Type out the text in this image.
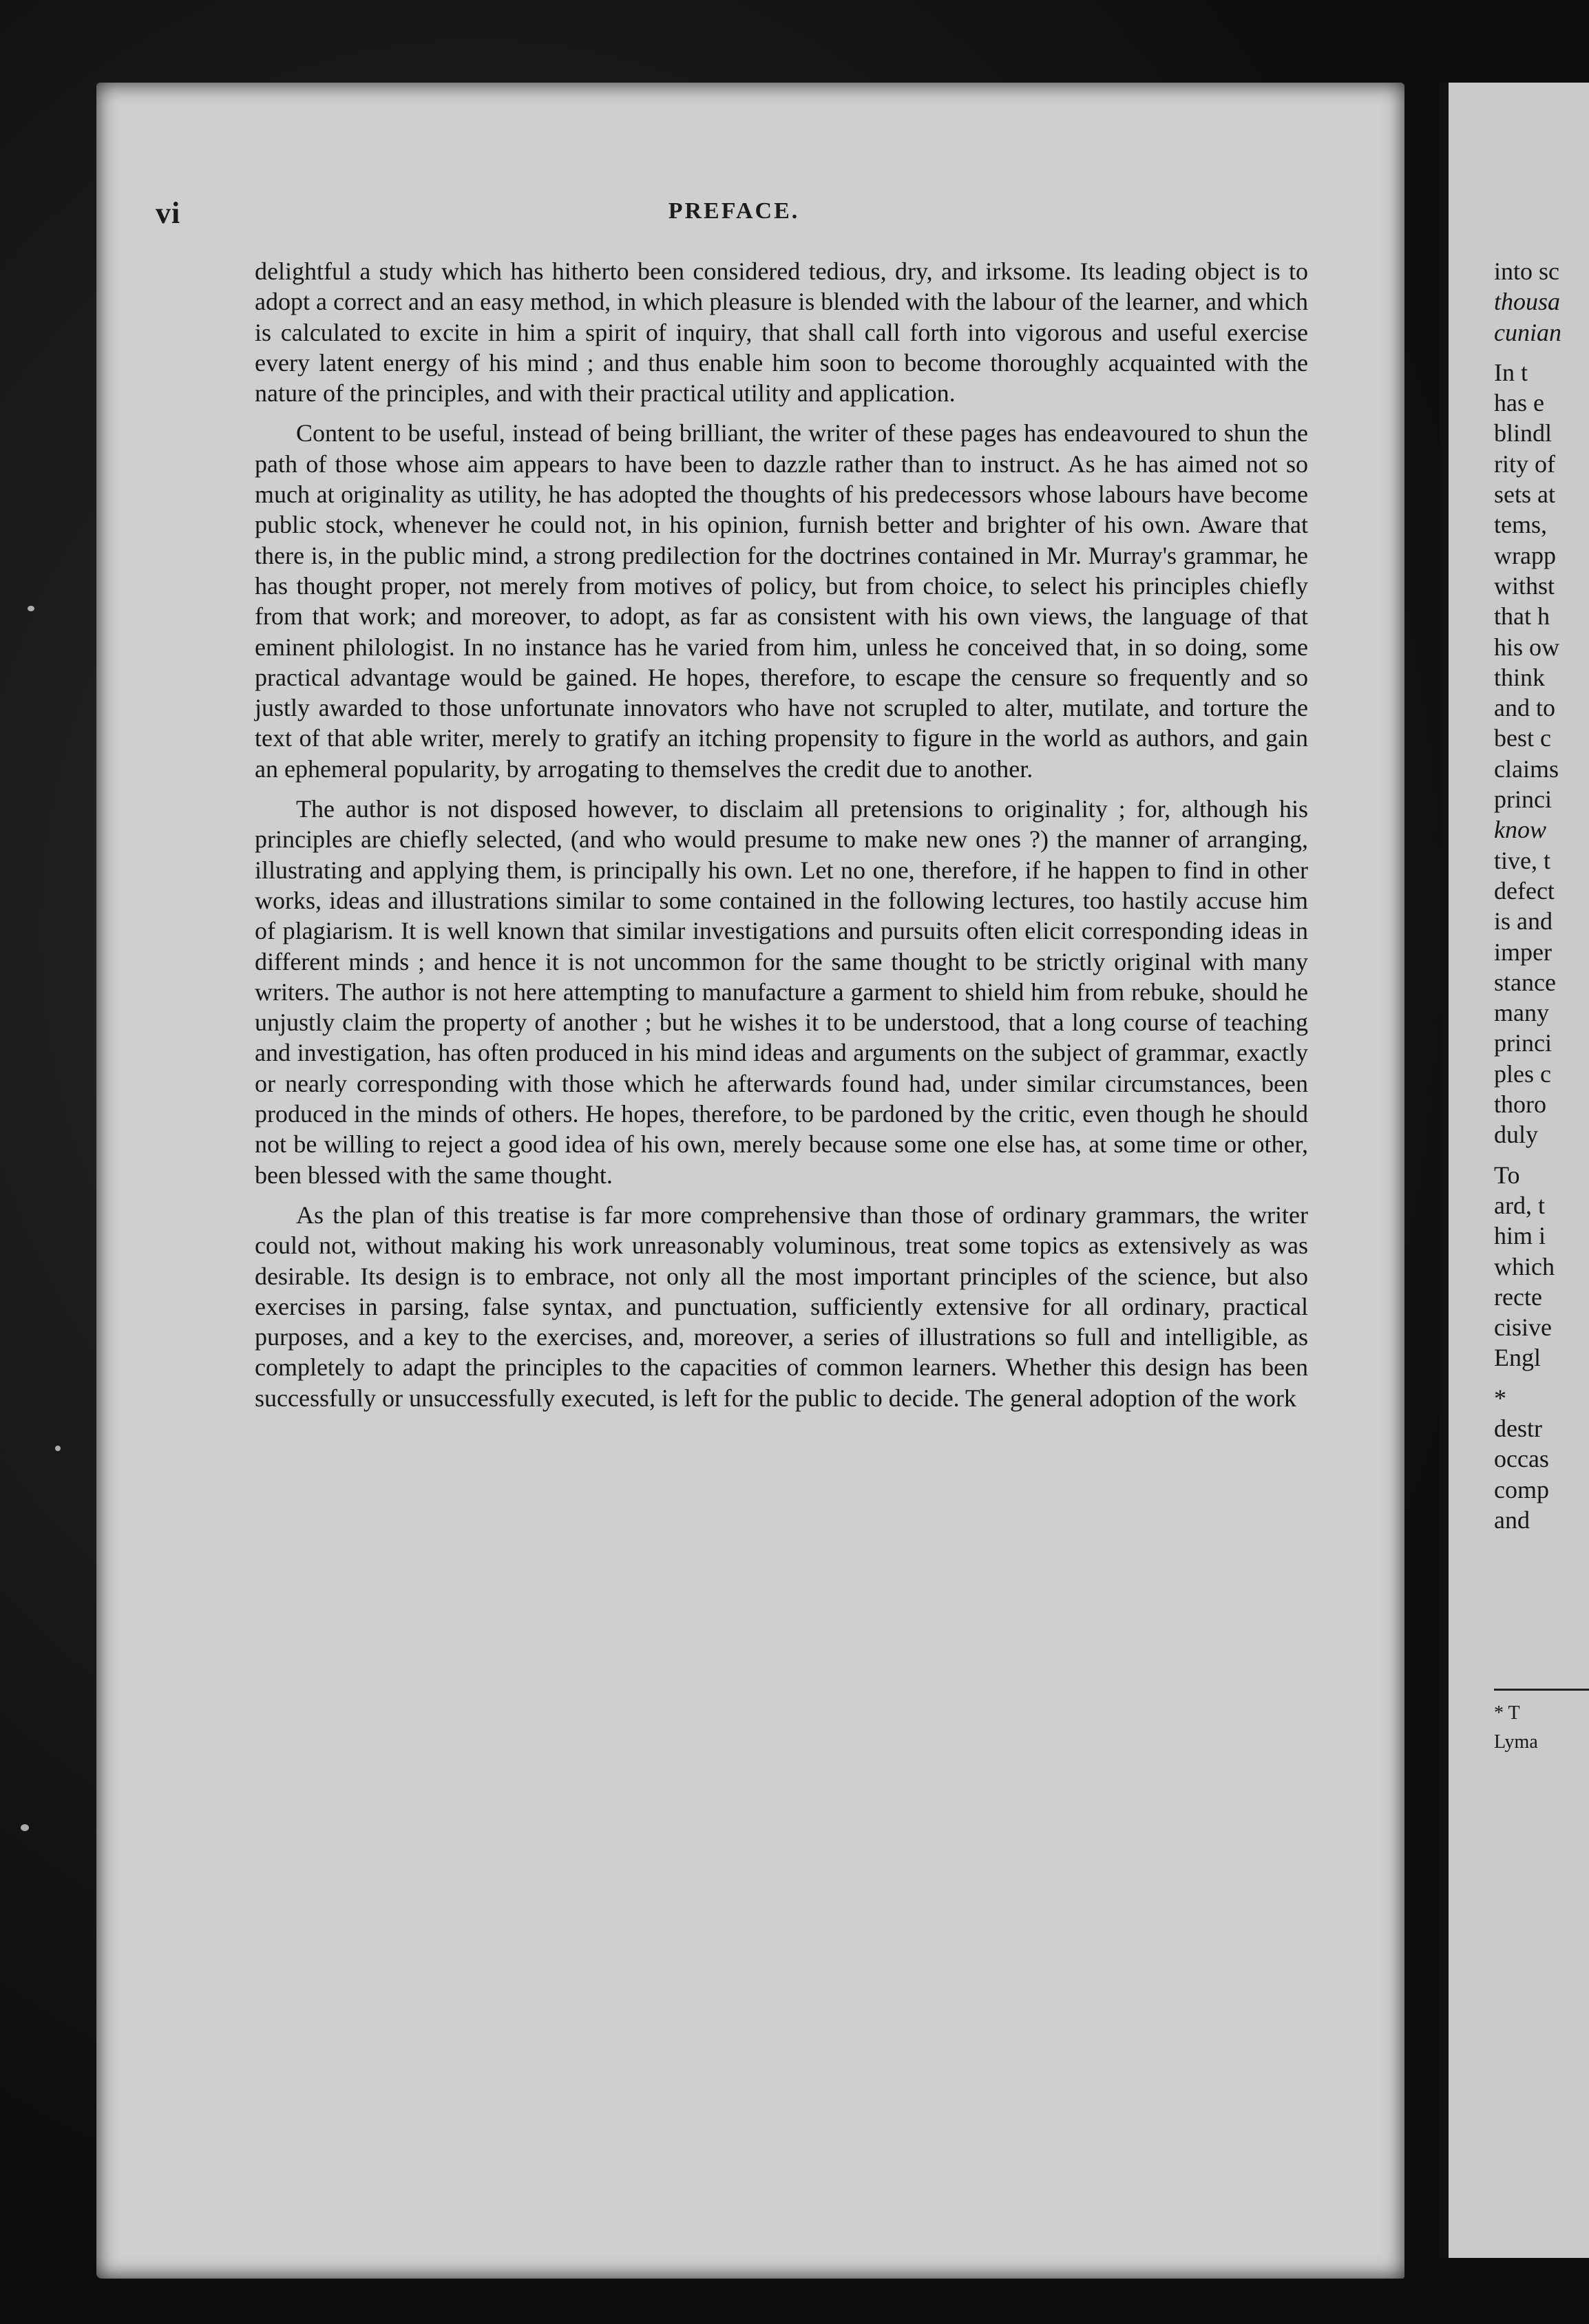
vi	PREFACE.

delightful a study which has hitherto been considered tedious, dry, and irksome. Its leading object is to adopt a correct and an easy method, in which pleasure is blended with the labour of the learner, and which is calculated to excite in him a spirit of inquiry, that shall call forth into vigorous and useful exercise every latent energy of his mind ; and thus enable him soon to become thoroughly acquainted with the nature of the principles, and with their practical utility and application.

Content to be useful, instead of being brilliant, the writer of these pages has endeavoured to shun the path of those whose aim appears to have been to dazzle rather than to instruct. As he has aimed not so much at originality as utility, he has adopted the thoughts of his predecessors whose labours have become public stock, whenever he could not, in his opinion, furnish better and brighter of his own. Aware that there is, in the public mind, a strong predilection for the doctrines contained in Mr. Murray's grammar, he has thought proper, not merely from motives of policy, but from choice, to select his principles chiefly from that work; and moreover, to adopt, as far as consistent with his own views, the language of that eminent philologist. In no instance has he varied from him, unless he conceived that, in so doing, some practical advantage would be gained. He hopes, therefore, to escape the censure so frequently and so justly awarded to those unfortunate innovators who have not scrupled to alter, mutilate, and torture the text of that able writer, merely to gratify an itching propensity to figure in the world as authors, and gain an ephemeral popularity, by arrogating to themselves the credit due to another.

The author is not disposed however, to disclaim all pretensions to originality ; for, although his principles are chiefly selected, (and who would presume to make new ones ?) the manner of arranging, illustrating and applying them, is principally his own. Let no one, therefore, if he happen to find in other works, ideas and illustrations similar to some contained in the following lectures, too hastily accuse him of plagiarism. It is well known that similar investigations and pursuits often elicit corresponding ideas in different minds ; and hence it is not uncommon for the same thought to be strictly original with many writers. The author is not here attempting to manufacture a garment to shield him from rebuke, should he unjustly claim the property of another ; but he wishes it to be understood, that a long course of teaching and investigation, has often produced in his mind ideas and arguments on the subject of grammar, exactly or nearly corresponding with those which he afterwards found had, under similar circumstances, been produced in the minds of others. He hopes, therefore, to be pardoned by the critic, even though he should not be willing to reject a good idea of his own, merely because some one else has, at some time or other, been blessed with the same thought.

As the plan of this treatise is far more comprehensive than those of ordinary grammars, the writer could not, without making his work unreasonably voluminous, treat some topics as extensively as was desirable. Its design is to embrace, not only all the most important principles of the science, but also exercises in parsing, false syntax, and punctuation, sufficiently extensive for all ordinary, practical purposes, and a key to the exercises, and, moreover, a series of illustrations so full and intelligible, as completely to adapt the principles to the capacities of common learners. Whether this design has been successfully or unsuccessfully executed, is left for the public to decide. The general adoption of the work

into sc
thousa
cunian
In t
has e
blindl
rity of
sets at
tems,
wrapp
withst
that h
his ow
think
and to
best c
claims
princi
know
tive, t
defect
is and
imper
stance
many
princi
ples c
thoro
duly
To
ard, t
him i
which
recte
cisive
Engl
*
destr
occas
comp
and
* T
Lyma
